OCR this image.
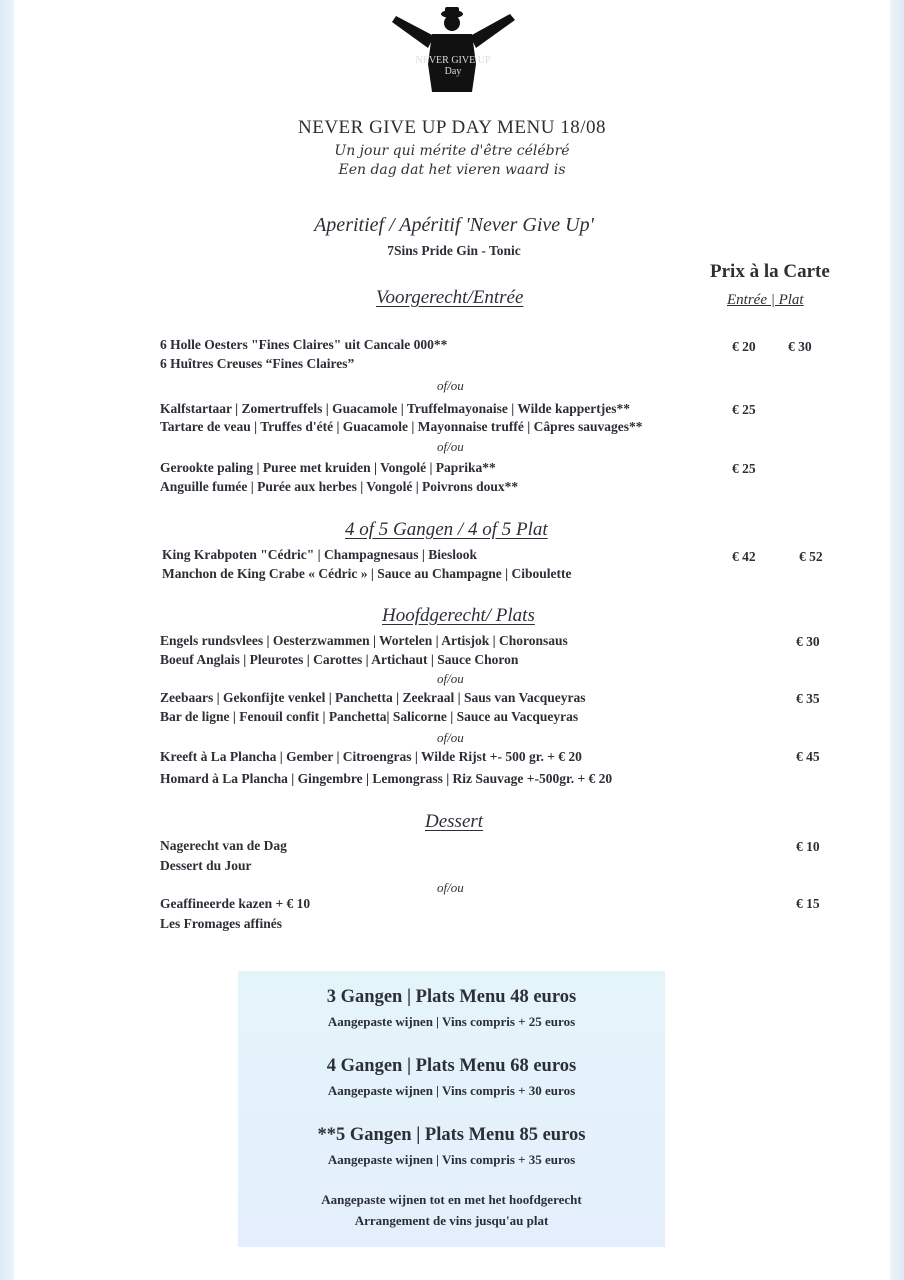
NEVER GIVE UP
Day
NEVER GIVE UP DAY MENU 18/08
Un jour qui mérite d'être célébré
Een dag dat het vieren waard is
Aperitief / Apéritif 'Never Give Up'
7Sins Pride Gin - Tonic
Prix à la Carte
Entrée | Plat
Voorgerecht/Entrée
6 Holle Oesters "Fines Claires" uit Cancale 000**
6 Huîtres Creuses “Fines Claires”
€ 20 € 30
of/ou
Kalfstartaar | Zomertruffels | Guacamole | Truffelmayonaise | Wilde kappertjes**
Tartare de veau | Truffes d'été | Guacamole | Mayonnaise truffé | Câpres sauvages**
€ 25
of/ou
Gerookte paling | Puree met kruiden | Vongolé | Paprika**
Anguille fumée | Purée aux herbes | Vongolé | Poivrons doux**
€ 25
4 of 5 Gangen / 4 of 5 Plat
King Krabpoten "Cédric" | Champagnesaus | Bieslook
Manchon de King Crabe « Cédric » | Sauce au Champagne | Ciboulette
€ 42	€ 52
Hoofdgerecht/ Plats
Engels rundsvlees | Oesterzwammen | Wortelen | Artisjok | Choronsaus
Boeuf Anglais | Pleurotes | Carottes | Artichaut | Sauce Choron
€ 30
of/ou
Zeebaars | Gekonfijte venkel | Panchetta | Zeekraal | Saus van Vacqueyras
Bar de ligne | Fenouil confit | Panchetta| Salicorne | Sauce au Vacqueyras
€ 35
of/ou
Kreeft à La Plancha | Gember | Citroengras | Wilde Rijst +- 500 gr. + € 20
Homard à La Plancha | Gingembre | Lemongrass | Riz Sauvage +-500gr. + € 20
€ 45
Dessert
Nagerecht van de Dag
Dessert du Jour
€ 10
of/ou
Geaffineerde kazen + € 10
Les Fromages affinés
€ 15
3 Gangen | Plats Menu 48 euros
Aangepaste wijnen | Vins compris + 25 euros
4 Gangen | Plats Menu 68 euros
Aangepaste wijnen | Vins compris + 30 euros
**5 Gangen | Plats Menu 85 euros
Aangepaste wijnen | Vins compris + 35 euros
Aangepaste wijnen tot en met het hoofdgerecht
Arrangement de vins jusqu'au plat
